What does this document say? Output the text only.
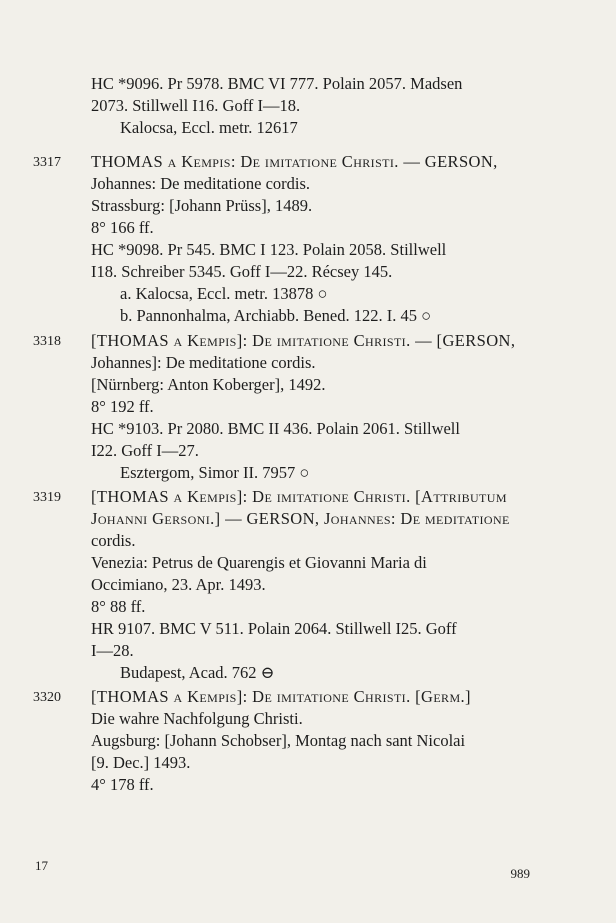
HC *9096. Pr 5978. BMC VI 777. Polain 2057. Madsen
2073. Stillwell I16. Goff I—18.
Kalocsa, Eccl. metr. 12617
3317 THOMAS a Kempis: De imitatione Christi. — GERSON,
Johannes: De meditatione cordis.
Strassburg: [Johann Prüss], 1489.
8° 166 ff.
HC *9098. Pr 545. BMC I 123. Polain 2058. Stillwell
I18. Schreiber 5345. Goff I—22. Récsey 145.
a. Kalocsa, Eccl. metr. 13878 ○
b. Pannonhalma, Archiabb. Bened. 122. I. 45 ○
3318 [THOMAS a Kempis]: De imitatione Christi. — [GERSON,
Johannes]: De meditatione cordis.
[Nürnberg: Anton Koberger], 1492.
8° 192 ff.
HC *9103. Pr 2080. BMC II 436. Polain 2061. Stillwell
I22. Goff I—27.
Esztergom, Simor II. 7957 ○
3319 [THOMAS a Kempis]: De imitatione Christi. [Attributum
Johanni Gersoni.] — GERSON, Johannes: De meditatione
cordis.
Venezia: Petrus de Quarengis et Giovanni Maria di
Occimiano, 23. Apr. 1493.
8° 88 ff.
HR 9107. BMC V 511. Polain 2064. Stillwell I25. Goff
I—28.
Budapest, Acad. 762 ⊖
3320 [THOMAS a Kempis]: De imitatione Christi. [Germ.]
Die wahre Nachfolgung Christi.
Augsburg: [Johann Schobser], Montag nach sant Nicolai
[9. Dec.] 1493.
4° 178 ff.
17
989
